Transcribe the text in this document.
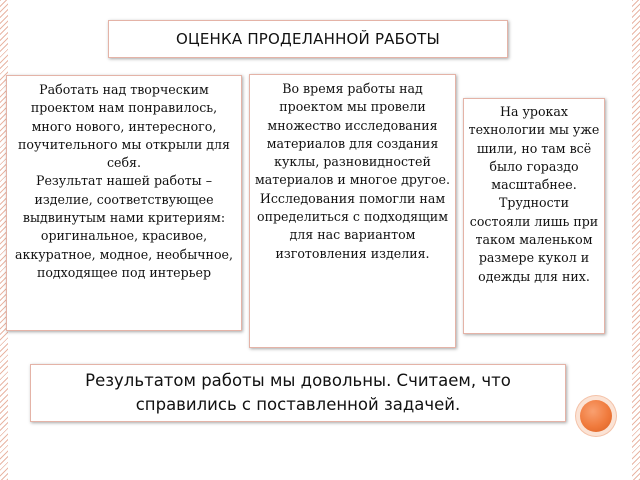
ОЦЕНКА ПРОДЕЛАННОЙ РАБОТЫ
Работать над творческим проектом нам понравилось, много нового, интересного, поучительного мы открыли для себя.
Результат нашей работы – изделие, соответствующее выдвинутым нами критериям: оригинальное, красивое, аккуратное, модное, необычное, подходящее под интерьер
Во время работы над проектом мы провели множество исследования материалов для создания куклы, разновидностей материалов и многое другое. Исследования помогли нам определиться с подходящим для нас вариантом изготовления изделия.
На уроках технологии мы уже шили, но там всё было гораздо масштабнее. Трудности состояли лишь при таком маленьком размере кукол и одежды для них.
Результатом работы мы довольны. Считаем, что справились с поставленной задачей.
